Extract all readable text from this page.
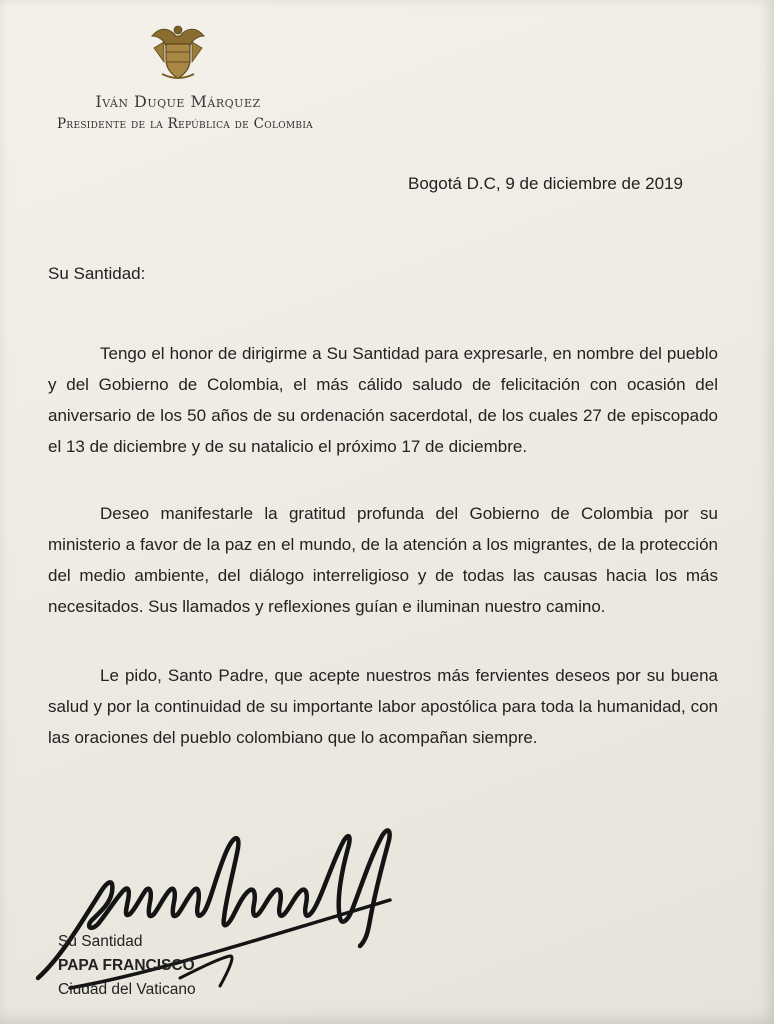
Iván Duque Márquez
Presidente de la República de Colombia
Bogotá D.C, 9 de diciembre de 2019
Su Santidad:

Tengo el honor de dirigirme a Su Santidad para expresarle, en nombre del pueblo y del Gobierno de Colombia, el más cálido saludo de felicitación con ocasión del aniversario de los 50 años de su ordenación sacerdotal, de los cuales 27 de episcopado el 13 de diciembre y de su natalicio el próximo 17 de diciembre.

Deseo manifestarle la gratitud profunda del Gobierno de Colombia por su ministerio a favor de la paz en el mundo, de la atención a los migrantes, de la protección del medio ambiente, del diálogo interreligioso y de todas las causas hacia los más necesitados. Sus llamados y reflexiones guían e iluminan nuestro camino.

Le pido, Santo Padre, que acepte nuestros más fervientes deseos por su buena salud y por la continuidad de su importante labor apostólica para toda la humanidad, con las oraciones del pueblo colombiano que lo acompañan siempre.

Su Santidad
PAPA FRANCISCO
Ciudad del Vaticano
